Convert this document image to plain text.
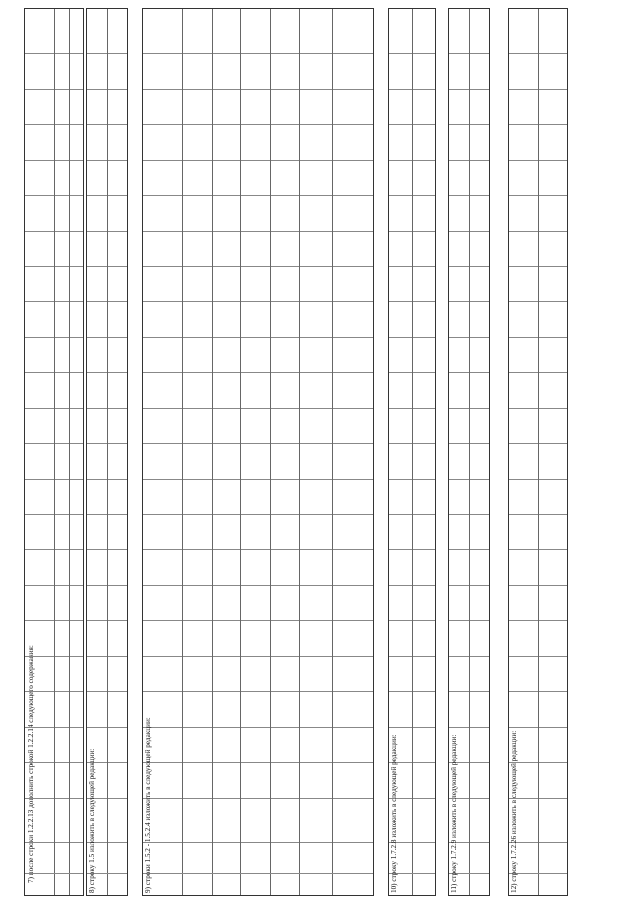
7) после строки 1.2.2.13 дополнить строкой 1.2.2.14 следующего содержания:	8) строку 1.5 изложить в следующей редакции:	9) строки 1.5.2 - 1.5.2.4 изложить в следующей редакции:	10) строку 1.7.2.8 изложить в следующей редакции:	11) строку 1.7.2.9 изложить в следующей редакции:	12) строку 1.7.2.26 изложить в следующей редакции:
